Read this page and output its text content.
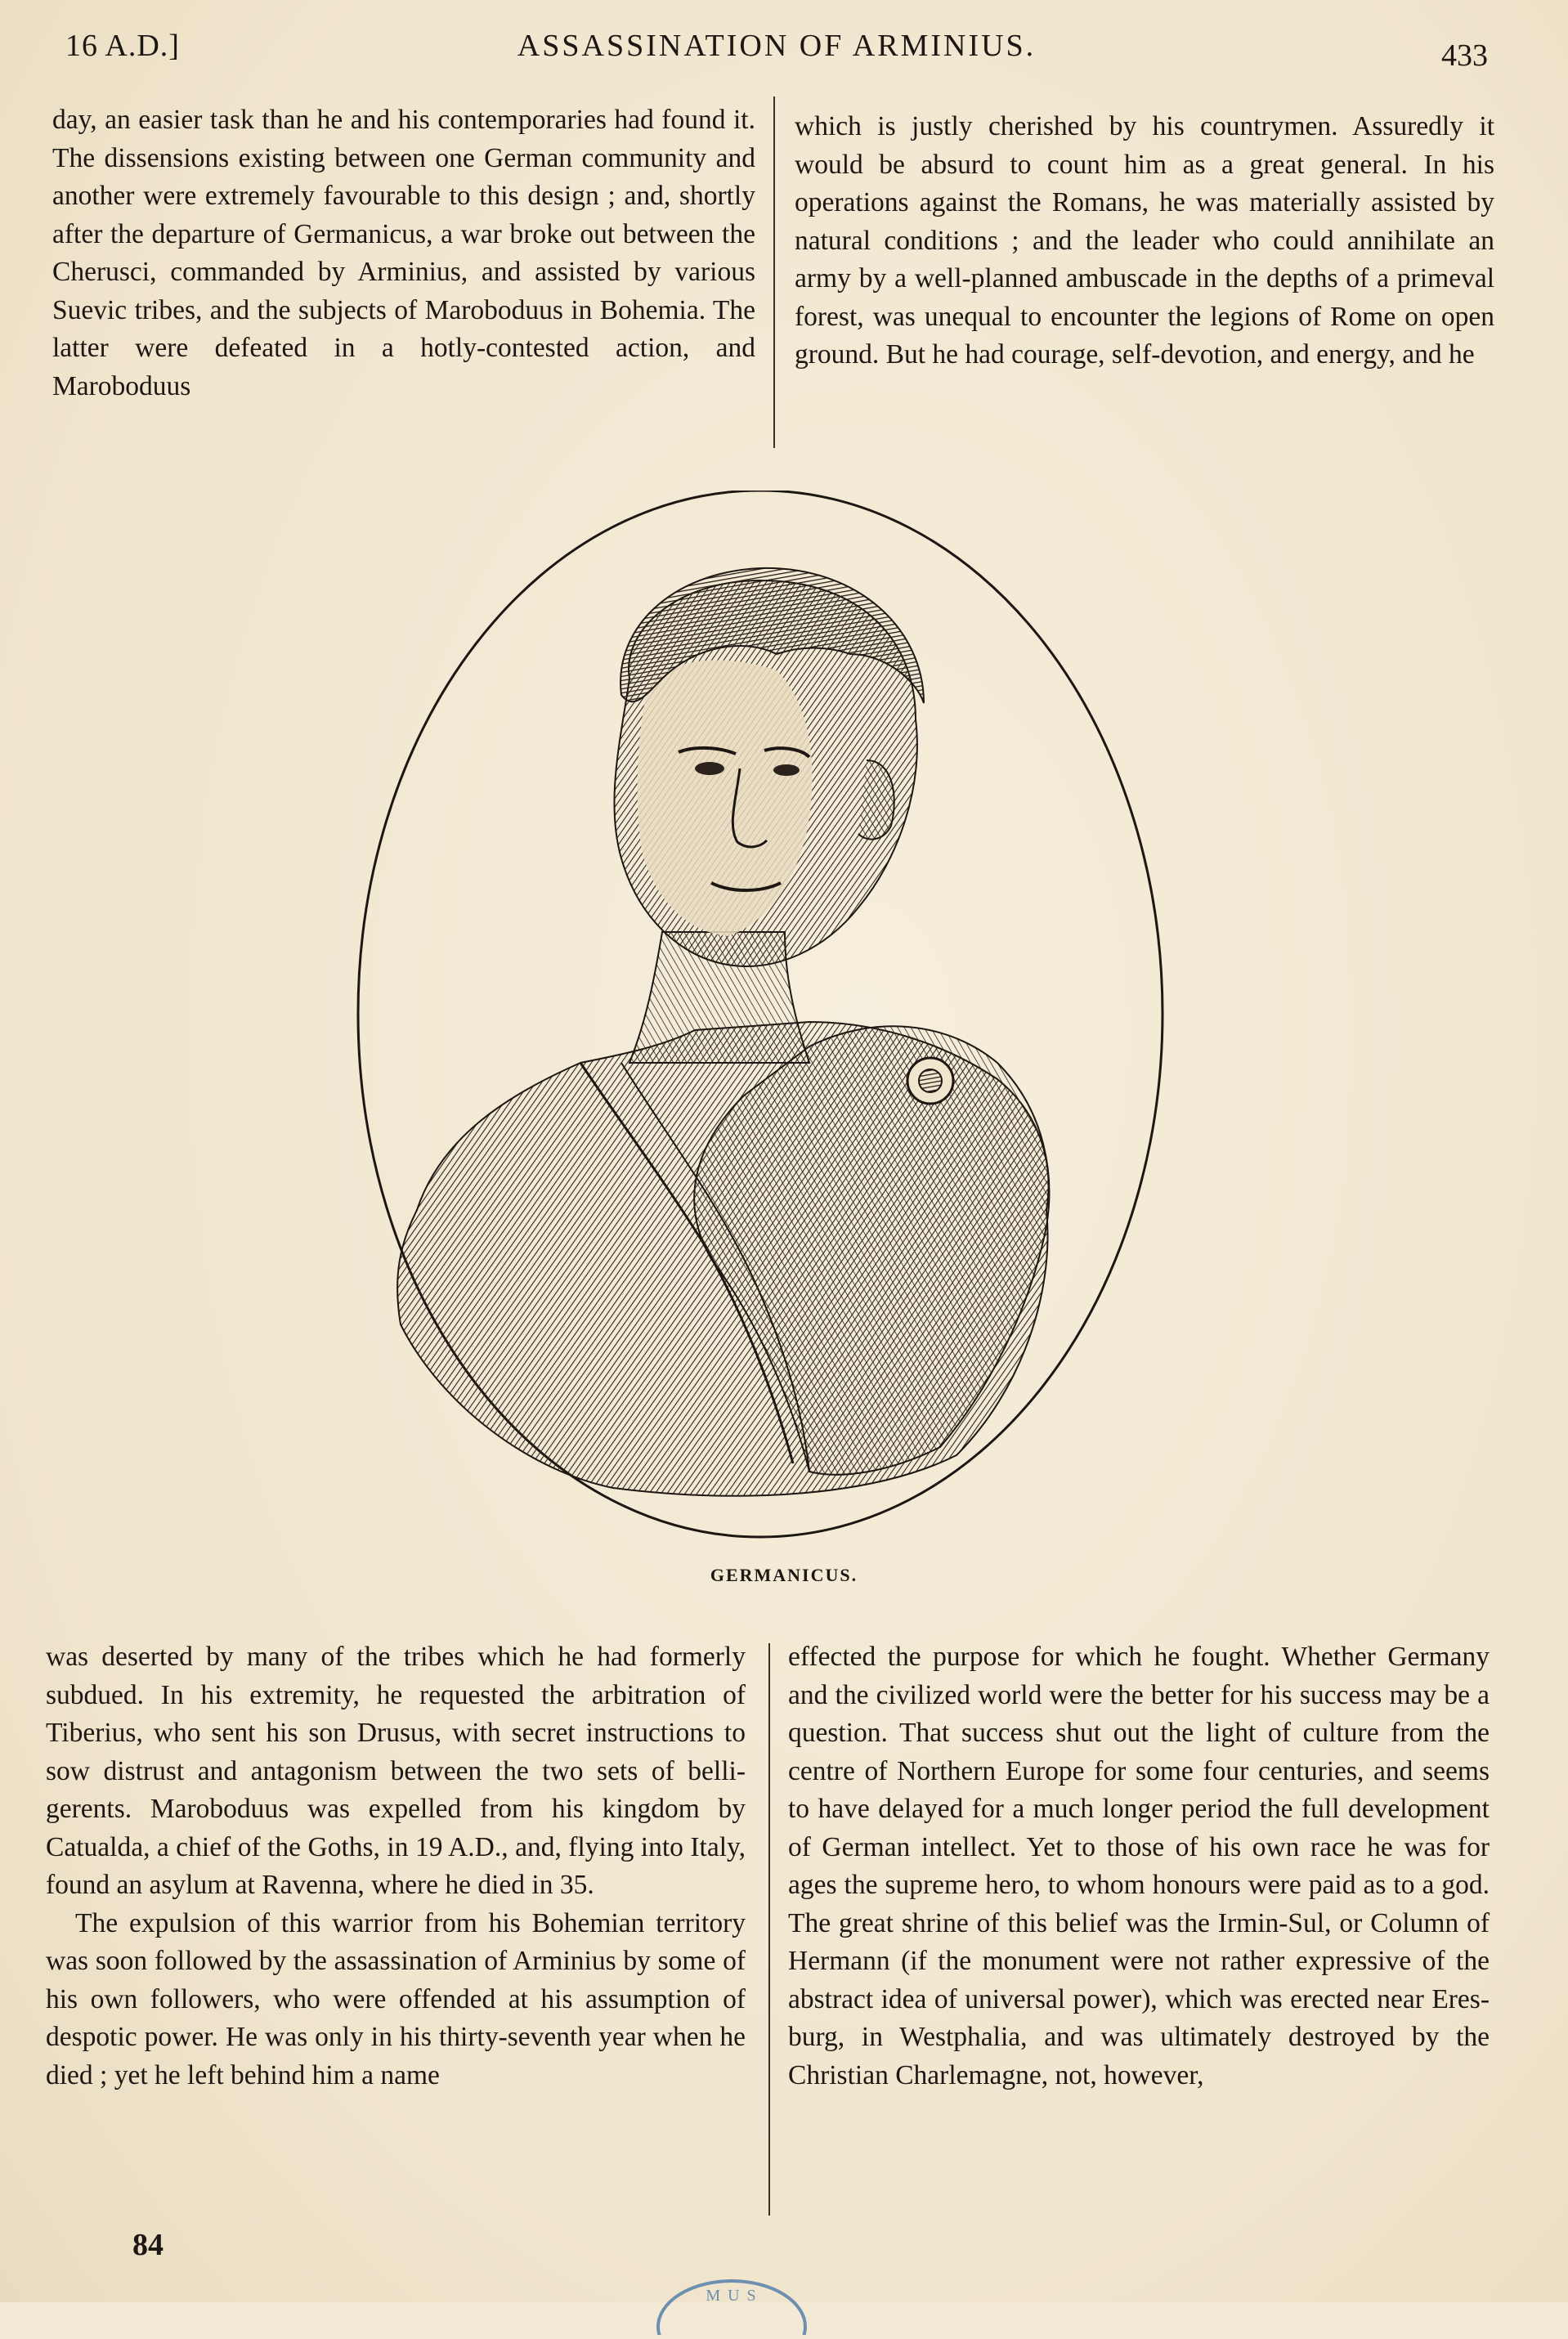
16 A.D.]	ASSASSINATION OF ARMINIUS.	433

day, an easier task than he and his contemporaries had found it. The dissensions existing between one German community and another were extremely favourable to this design ; and, shortly after the departure of Germanicus, a war broke out between the Cherusci, commanded by Arminius, and assisted by various Suevic tribes, and the subjects of Maroboduus in Bohemia. The latter were defeated in a hotly-contested action, and Maroboduus

which is justly cherished by his countrymen. Assuredly it would be absurd to count him as a great general. In his operations against the Romans, he was materially assisted by natural conditions ; and the leader who could annihilate an army by a well-planned ambuscade in the depths of a primeval forest, was unequal to encounter the legions of Rome on open ground. But he had courage, self-devotion, and energy, and he

GERMANICUS.

was deserted by many of the tribes which he had formerly subdued. In his extremity, he requested the arbitration of Tiberius, who sent his son Drusus, with secret instructions to sow distrust and antagonism between the two sets of belligerents. Maroboduus was expelled from his kingdom by Catualda, a chief of the Goths, in 19 A.D., and, flying into Italy, found an asylum at Ravenna, where he died in 35.

The expulsion of this warrior from his Bohemian territory was soon followed by the assassination of Arminius by some of his own followers, who were offended at his assumption of despotic power. He was only in his thirty-seventh year when he died ; yet he left behind him a name

effected the purpose for which he fought. Whether Germany and the civilized world were the better for his success may be a question. That success shut out the light of culture from the centre of Northern Europe for some four centuries, and seems to have delayed for a much longer period the full development of German intellect. Yet to those of his own race he was for ages the supreme hero, to whom honours were paid as to a god. The great shrine of this belief was the Irmin-Sul, or Column of Hermann (if the monument were not rather expressive of the abstract idea of universal power), which was erected near Eresburg, in Westphalia, and was ultimately destroyed by the Christian Charlemagne, not, however,

84
M U S
